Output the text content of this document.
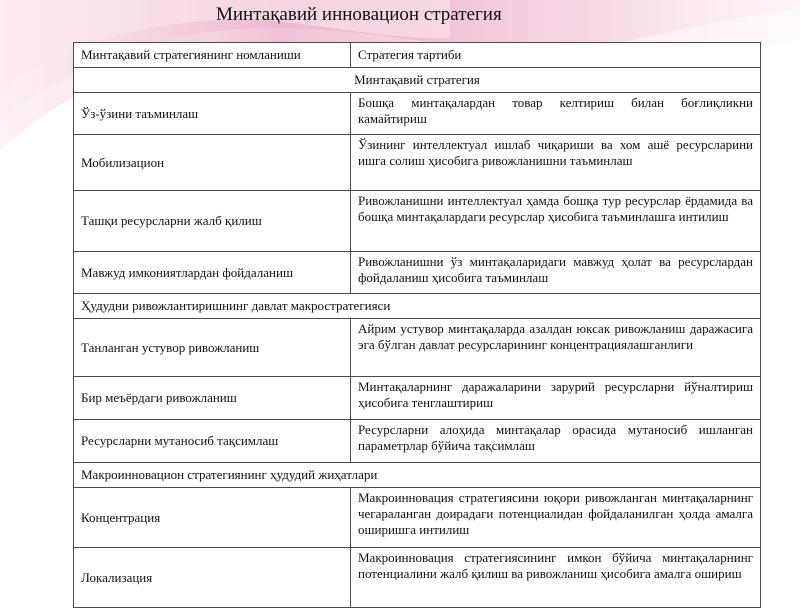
Минтақавий инновацион стратегия
Минтақавий стратегиянинг номланиши	Стратегия тартиби
Минтақавий стратегия	
Ўз-ўзини таъминлаш	Бошқа минтақалардан товар келтириш билан боғлиқликни камайтириш
Мобилизацион	Ўзининг интеллектуал ишлаб чиқариши ва хом ашё ресурсларини ишга солиш ҳисобига ривожланишни таъминлаш
Ташқи ресурсларни жалб қилиш	Ривожланишни интеллектуал ҳамда бошқа тур ресурслар ёрдамида ва бошқа минтақалардаги ресурслар ҳисобига таъминлашга интилиш
Мавжуд имкониятлардан фойдаланиш	Ривожланишни ўз минтақаларидаги мавжуд ҳолат ва ресурслардан фойдаланиш ҳисобига таъминлаш
Ҳудудни ривожлантиришнинг давлат макростратегияси	
Танланган устувор ривожланиш	Айрим устувор минтақаларда азалдан юксак ривожланиш даражасига эга бўлган давлат ресурсларининг концентрациялашганлиги
Бир меъёрдаги ривожланиш	Минтақаларнинг даражаларини зарурий ресурсларни йўналтириш ҳисобига тенглаштириш
Ресурсларни мутаносиб тақсимлаш	Ресурсларни алоҳида минтақалар орасида мутаносиб ишланган параметрлар бўйича тақсимлаш
Макроинновацион стратегиянинг ҳудудий жиҳатлари	
Концентрация	Макроинновация стратегиясини юқори ривожланган минтақаларнинг чегараланган доирадаги потенциалидан фойдаланилган ҳолда амалга оширишга интилиш
Локализация	Макроинновация стратегиясининг имкон бўйича минтақаларнинг потенциалини жалб қилиш ва ривожланиш ҳисобига амалга ошириш
